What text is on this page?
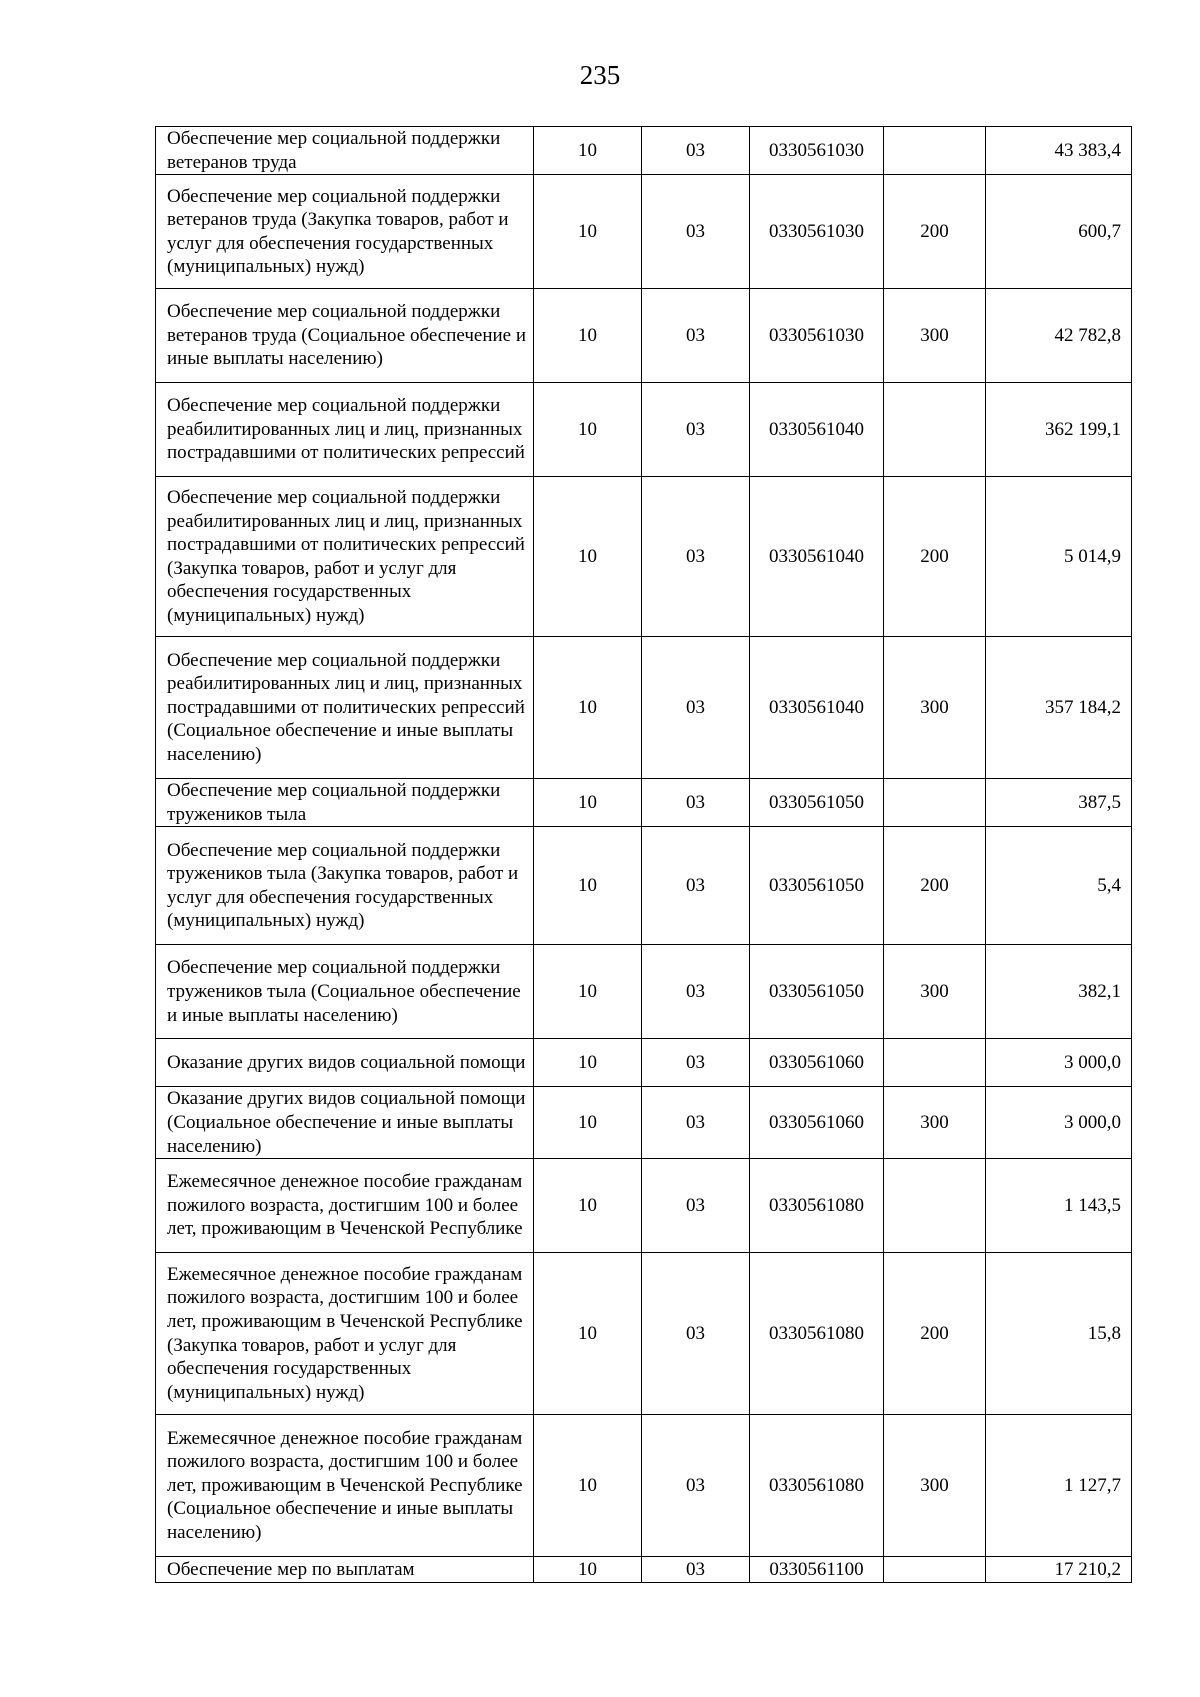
235
Обеспечение мер социальной поддержки ветеранов труда	10	03	0330561030		43 383,4
Обеспечение мер социальной поддержки ветеранов труда (Закупка товаров, работ и услуг для обеспечения государственных (муниципальных) нужд)	10	03	0330561030	200	600,7
Обеспечение мер социальной поддержки ветеранов труда (Социальное обеспечение и иные выплаты населению)	10	03	0330561030	300	42 782,8
Обеспечение мер социальной поддержки реабилитированных лиц и лиц, признанных пострадавшими от политических репрессий	10	03	0330561040		362 199,1
Обеспечение мер социальной поддержки реабилитированных лиц и лиц, признанных пострадавшими от политических репрессий (Закупка товаров, работ и услуг для обеспечения государственных (муниципальных) нужд)	10	03	0330561040	200	5 014,9
Обеспечение мер социальной поддержки реабилитированных лиц и лиц, признанных пострадавшими от политических репрессий (Социальное обеспечение и иные выплаты населению)	10	03	0330561040	300	357 184,2
Обеспечение мер социальной поддержки тружеников тыла	10	03	0330561050		387,5
Обеспечение мер социальной поддержки тружеников тыла (Закупка товаров, работ и услуг для обеспечения государственных (муниципальных) нужд)	10	03	0330561050	200	5,4
Обеспечение мер социальной поддержки тружеников тыла (Социальное обеспечение и иные выплаты населению)	10	03	0330561050	300	382,1
Оказание других видов социальной помощи	10	03	0330561060		3 000,0
Оказание других видов социальной помощи (Социальное обеспечение и иные выплаты населению)	10	03	0330561060	300	3 000,0
Ежемесячное денежное пособие гражданам пожилого возраста, достигшим 100 и более лет, проживающим в Чеченской Республике	10	03	0330561080		1 143,5
Ежемесячное денежное пособие гражданам пожилого возраста, достигшим 100 и более лет, проживающим в Чеченской Республике (Закупка товаров, работ и услуг для обеспечения государственных (муниципальных) нужд)	10	03	0330561080	200	15,8
Ежемесячное денежное пособие гражданам пожилого возраста, достигшим 100 и более лет, проживающим в Чеченской Республике (Социальное обеспечение и иные выплаты населению)	10	03	0330561080	300	1 127,7
Обеспечение мер по выплатам	10	03	0330561100		17 210,2
